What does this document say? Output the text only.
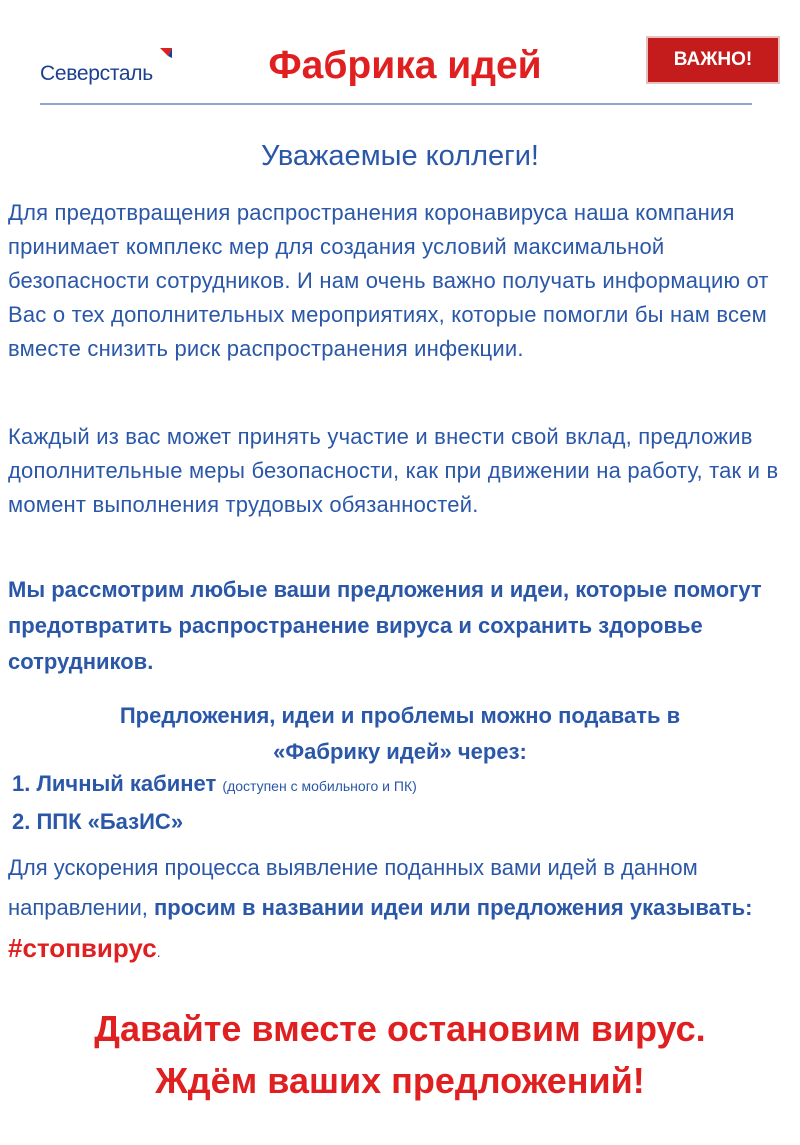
Северсталь	Фабрика идей	ВАЖНО!
Уважаемые коллеги!
Для предотвращения распространения коронавируса наша компания принимает комплекс мер для создания условий максимальной безопасности сотрудников. И нам очень важно получать информацию от Вас о тех дополнительных мероприятиях, которые помогли бы нам всем вместе снизить риск распространения инфекции.
Каждый из вас может принять участие и внести свой вклад, предложив дополнительные меры безопасности, как при движении на работу, так и в момент выполнения трудовых обязанностей.
Мы рассмотрим любые ваши предложения и идеи, которые помогут предотвратить распространение вируса и сохранить здоровье сотрудников.
Предложения, идеи и проблемы можно подавать в
«Фабрику идей» через:
1. Личный кабинет (доступен с мобильного и ПК)
2. ППК «БазИС»
Для ускорения процесса выявление поданных вами идей в данном направлении, просим в названии идеи или предложения указывать: #стопвирус.
Давайте вместе остановим вирус.
Ждём ваших предложений!
